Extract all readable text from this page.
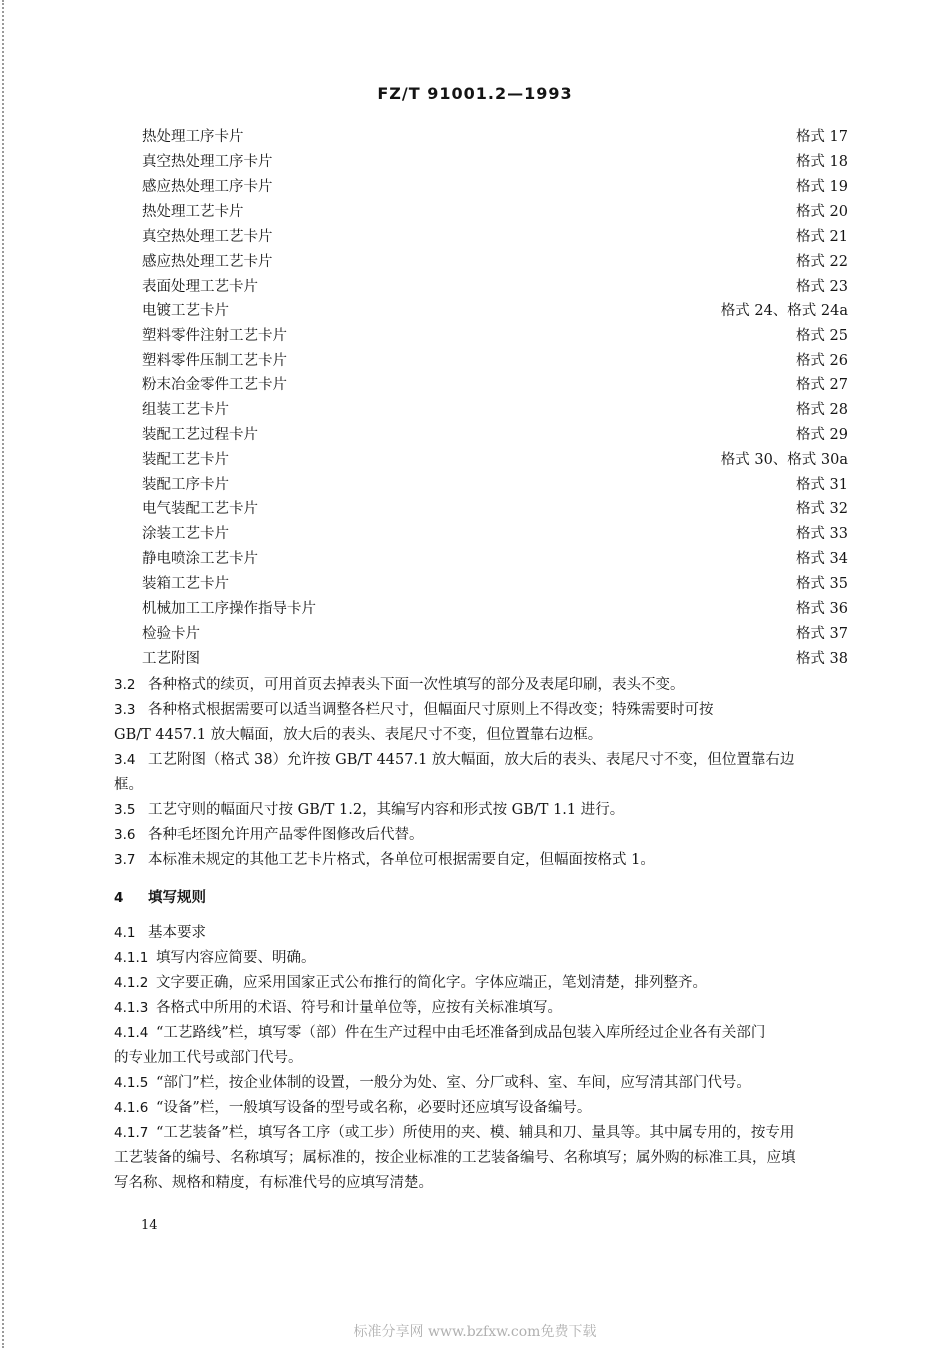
FZ/T 91001.2—1993
热处理工序卡片	格式 17
真空热处理工序卡片	格式 18
感应热处理工序卡片	格式 19
热处理工艺卡片	格式 20
真空热处理工艺卡片	格式 21
感应热处理工艺卡片	格式 22
表面处理工艺卡片	格式 23
电镀工艺卡片	格式 24、格式 24a
塑料零件注射工艺卡片	格式 25
塑料零件压制工艺卡片	格式 26
粉末冶金零件工艺卡片	格式 27
组装工艺卡片	格式 28
装配工艺过程卡片	格式 29
装配工艺卡片	格式 30、格式 30a
装配工序卡片	格式 31
电气装配工艺卡片	格式 32
涂装工艺卡片	格式 33
静电喷涂工艺卡片	格式 34
装箱工艺卡片	格式 35
机械加工工序操作指导卡片	格式 36
检验卡片	格式 37
工艺附图	格式 38
3.2 各种格式的续页，可用首页去掉表头下面一次性填写的部分及表尾印刷，表头不变。
3.3 各种格式根据需要可以适当调整各栏尺寸，但幅面尺寸原则上不得改变；特殊需要时可按
GB/T 4457.1 放大幅面，放大后的表头、表尾尺寸不变，但位置靠右边框。
3.4 工艺附图（格式 38）允许按 GB/T 4457.1 放大幅面，放大后的表头、表尾尺寸不变，但位置靠右边
框。
3.5 工艺守则的幅面尺寸按 GB/T 1.2，其编写内容和形式按 GB/T 1.1 进行。
3.6 各种毛坯图允许用产品零件图修改后代替。
3.7 本标准未规定的其他工艺卡片格式，各单位可根据需要自定，但幅面按格式 1。
4 填写规则
4.1 基本要求
4.1.1 填写内容应简要、明确。
4.1.2 文字要正确，应采用国家正式公布推行的简化字。字体应端正，笔划清楚，排列整齐。
4.1.3 各格式中所用的术语、符号和计量单位等，应按有关标准填写。
4.1.4 “工艺路线”栏，填写零（部）件在生产过程中由毛坯准备到成品包装入库所经过企业各有关部门
的专业加工代号或部门代号。
4.1.5 “部门”栏，按企业体制的设置，一般分为处、室、分厂或科、室、车间，应写清其部门代号。
4.1.6 “设备”栏，一般填写设备的型号或名称，必要时还应填写设备编号。
4.1.7 “工艺装备”栏，填写各工序（或工步）所使用的夹、模、辅具和刀、量具等。其中属专用的，按专用
工艺装备的编号、名称填写；属标准的，按企业标准的工艺装备编号、名称填写；属外购的标准工具，应填
写名称、规格和精度，有标准代号的应填写清楚。
14
标准分享网 www.bzfxw.com免费下载
